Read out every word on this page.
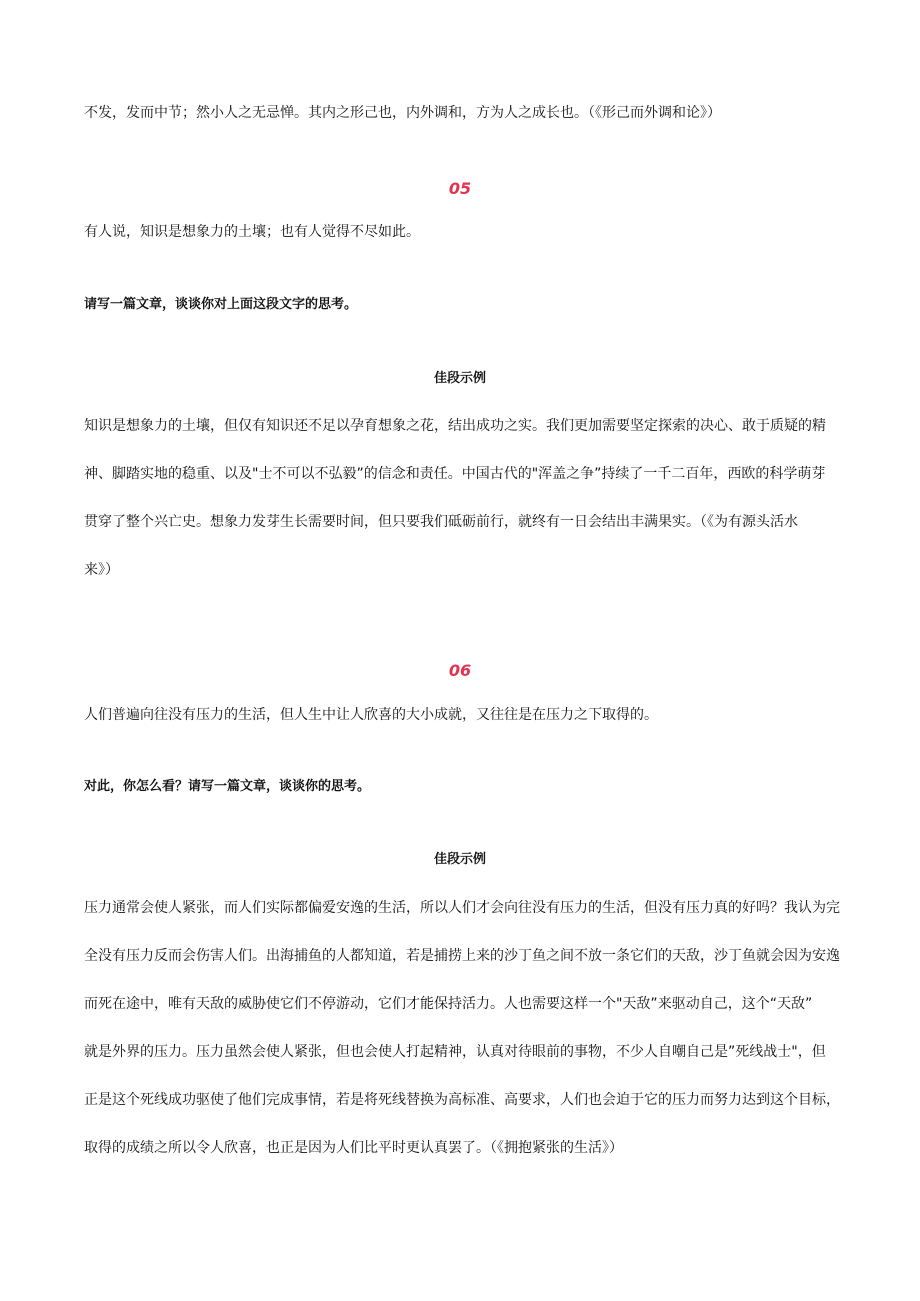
不发，发而中节；然小人之无忌惮。其内之形己也，内外调和，方为人之成长也。（《形己而外调和论》）
05
有人说，知识是想象力的土壤；也有人觉得不尽如此。
请写一篇文章，谈谈你对上面这段文字的思考。
佳段示例
知识是想象力的土壤，但仅有知识还不足以孕育想象之花，结出成功之实。我们更加需要坚定探索的决心、敢于质疑的精
神、脚踏实地的稳重、以及"士不可以不弘毅”的信念和责任。中国古代的"浑盖之争”持续了一千二百年，西欧的科学萌芽
贯穿了整个兴亡史。想象力发芽生长需要时间，但只要我们砥砺前行，就终有一日会结出丰满果实。（《为有源头活水
来》）
06
人们普遍向往没有压力的生活，但人生中让人欣喜的大小成就，又往往是在压力之下取得的。
对此，你怎么看？请写一篇文章，谈谈你的思考。
佳段示例
压力通常会使人紧张，而人们实际都偏爱安逸的生活，所以人们才会向往没有压力的生活，但没有压力真的好吗？我认为完
全没有压力反而会伤害人们。出海捕鱼的人都知道，若是捕捞上来的沙丁鱼之间不放一条它们的天敌，沙丁鱼就会因为安逸
而死在途中，唯有天敌的威胁使它们不停游动，它们才能保持活力。人也需要这样一个"天敌”来驱动自己，这个“天敌”
就是外界的压力。压力虽然会使人紧张，但也会使人打起精神，认真对待眼前的事物，不少人自嘲自己是”死线战士"，但
正是这个死线成功驱使了他们完成事情，若是将死线替换为高标准、高要求，人们也会迫于它的压力而努力达到这个目标，
取得的成绩之所以令人欣喜，也正是因为人们比平时更认真罢了。（《拥抱紧张的生活》）
